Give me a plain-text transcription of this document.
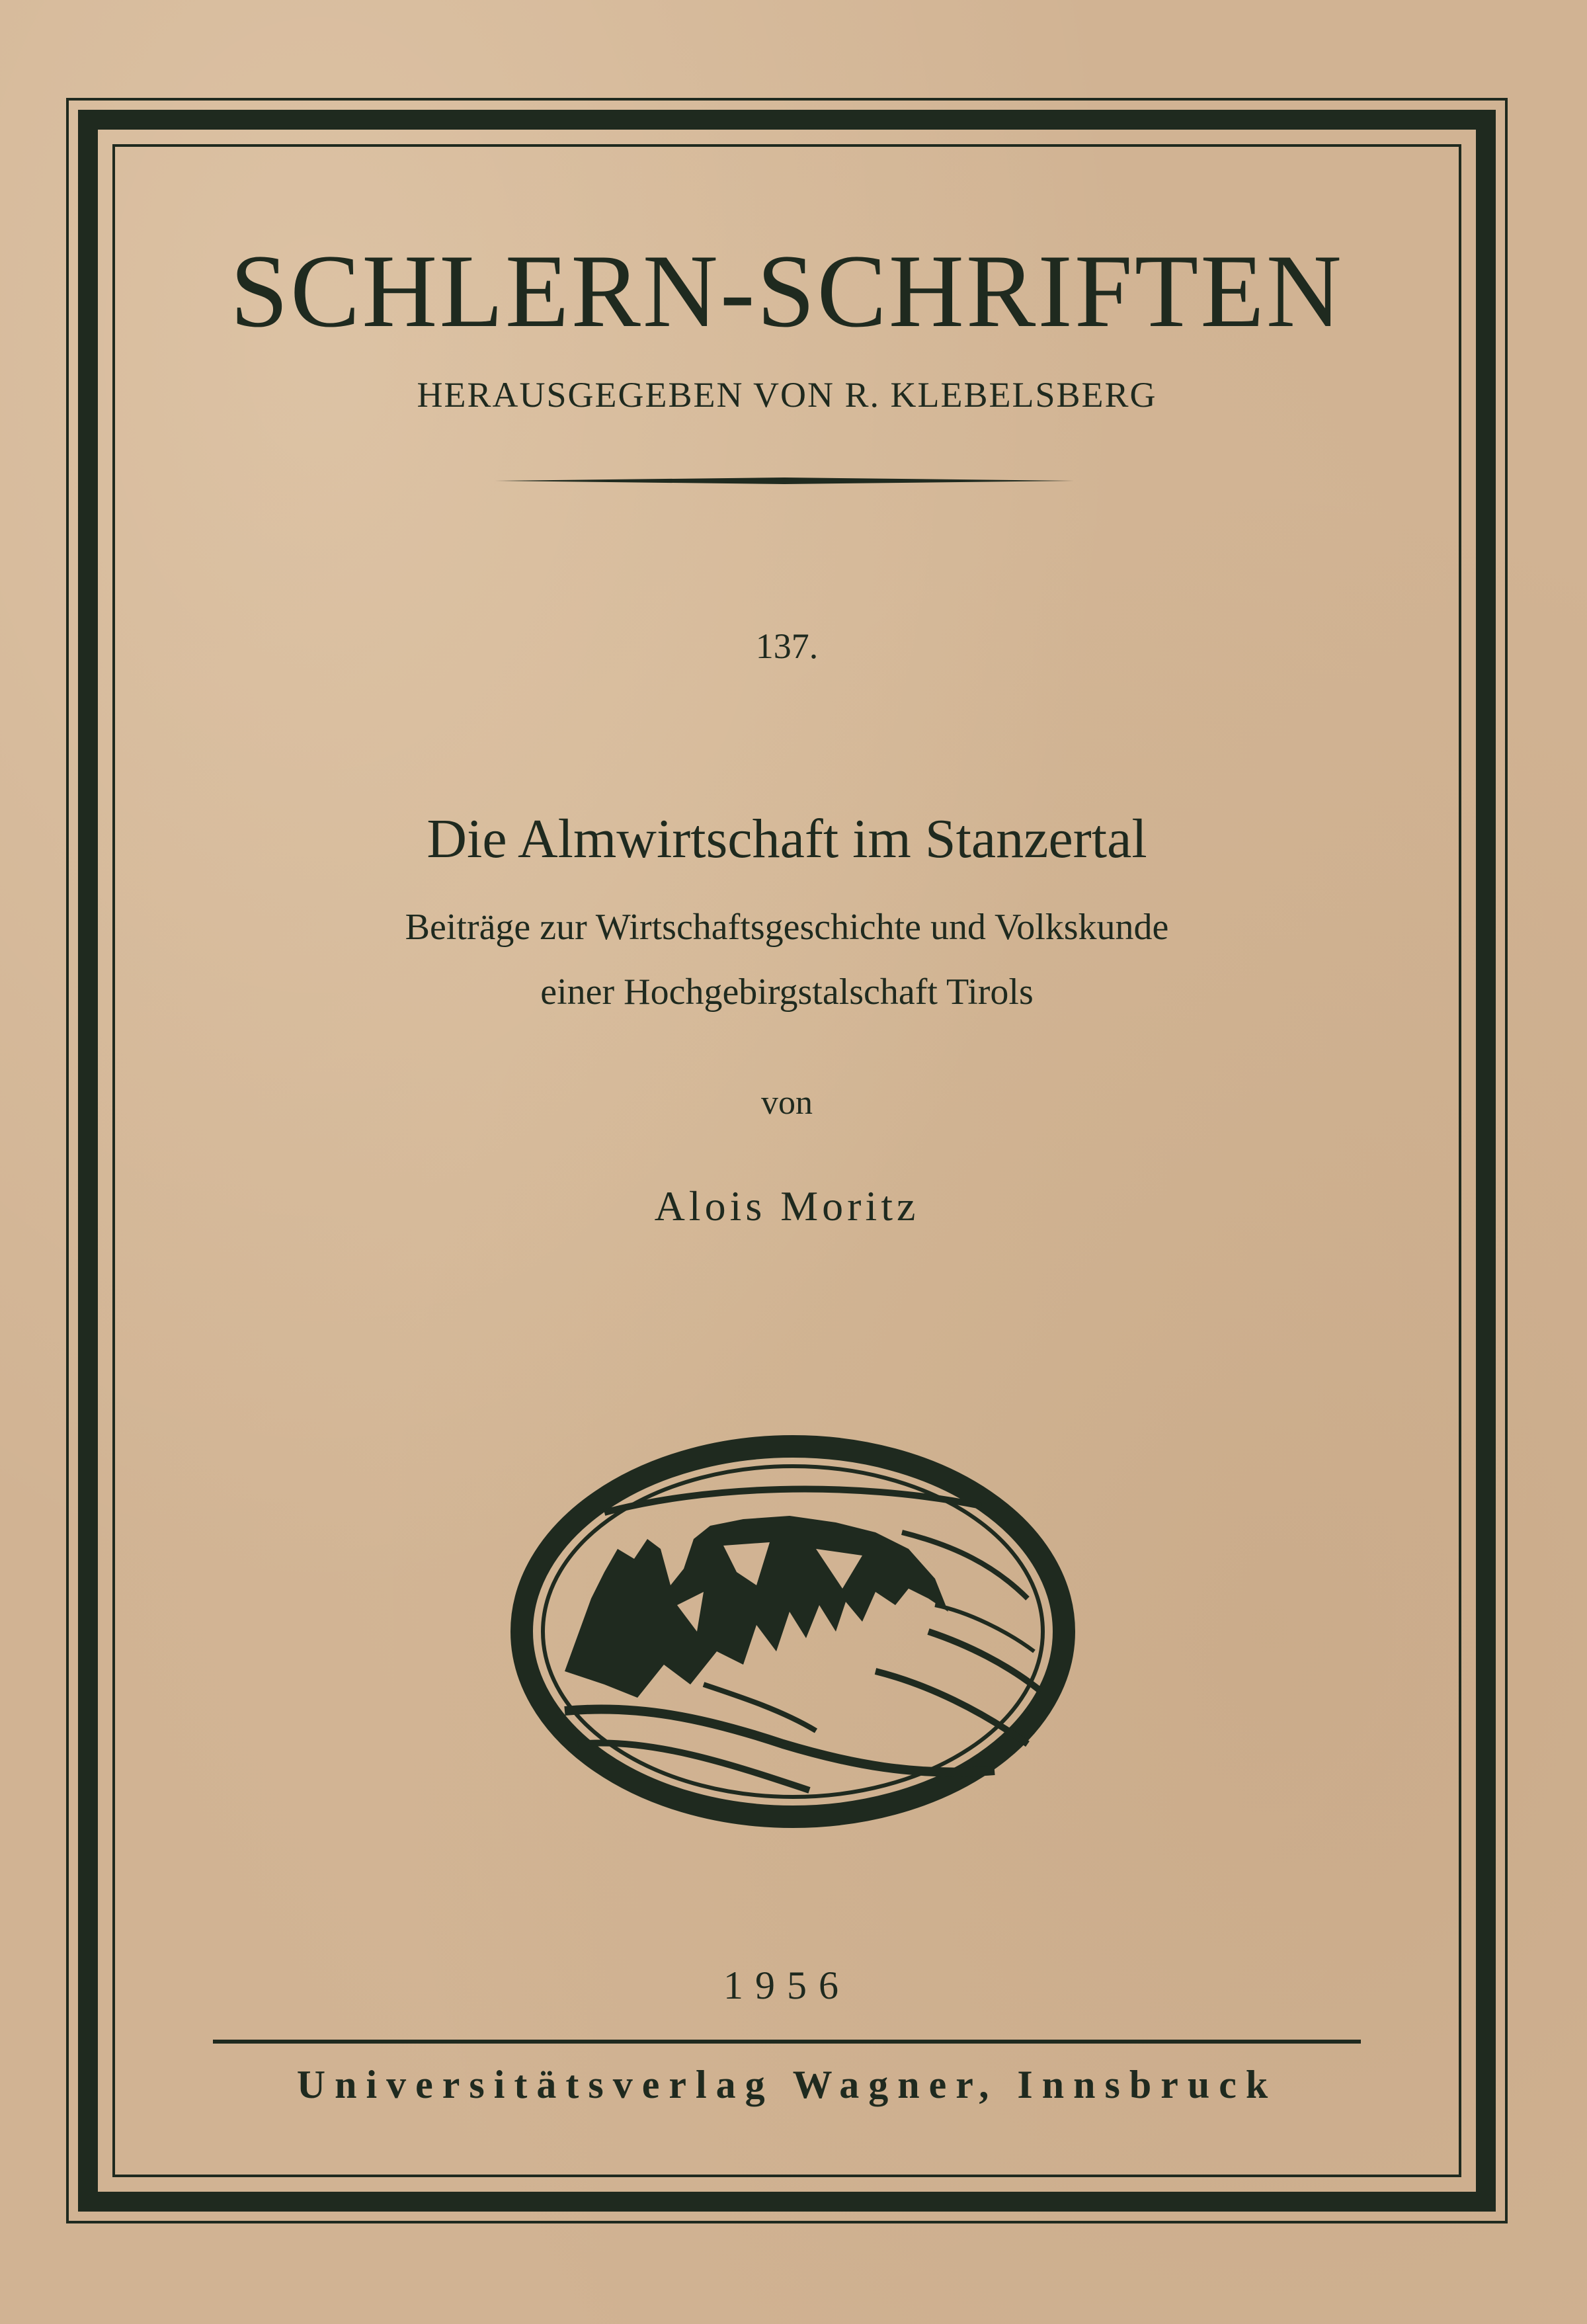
SCHLERN-SCHRIFTEN
HERAUSGEGEBEN VON R. KLEBELSBERG
137.
Die Almwirtschaft im Stanzertal
Beiträge zur Wirtschaftsgeschichte und Volkskunde
einer Hochgebirgstalschaft Tirols
von
Alois Moritz
1956
Universitätsverlag Wagner, Innsbruck
